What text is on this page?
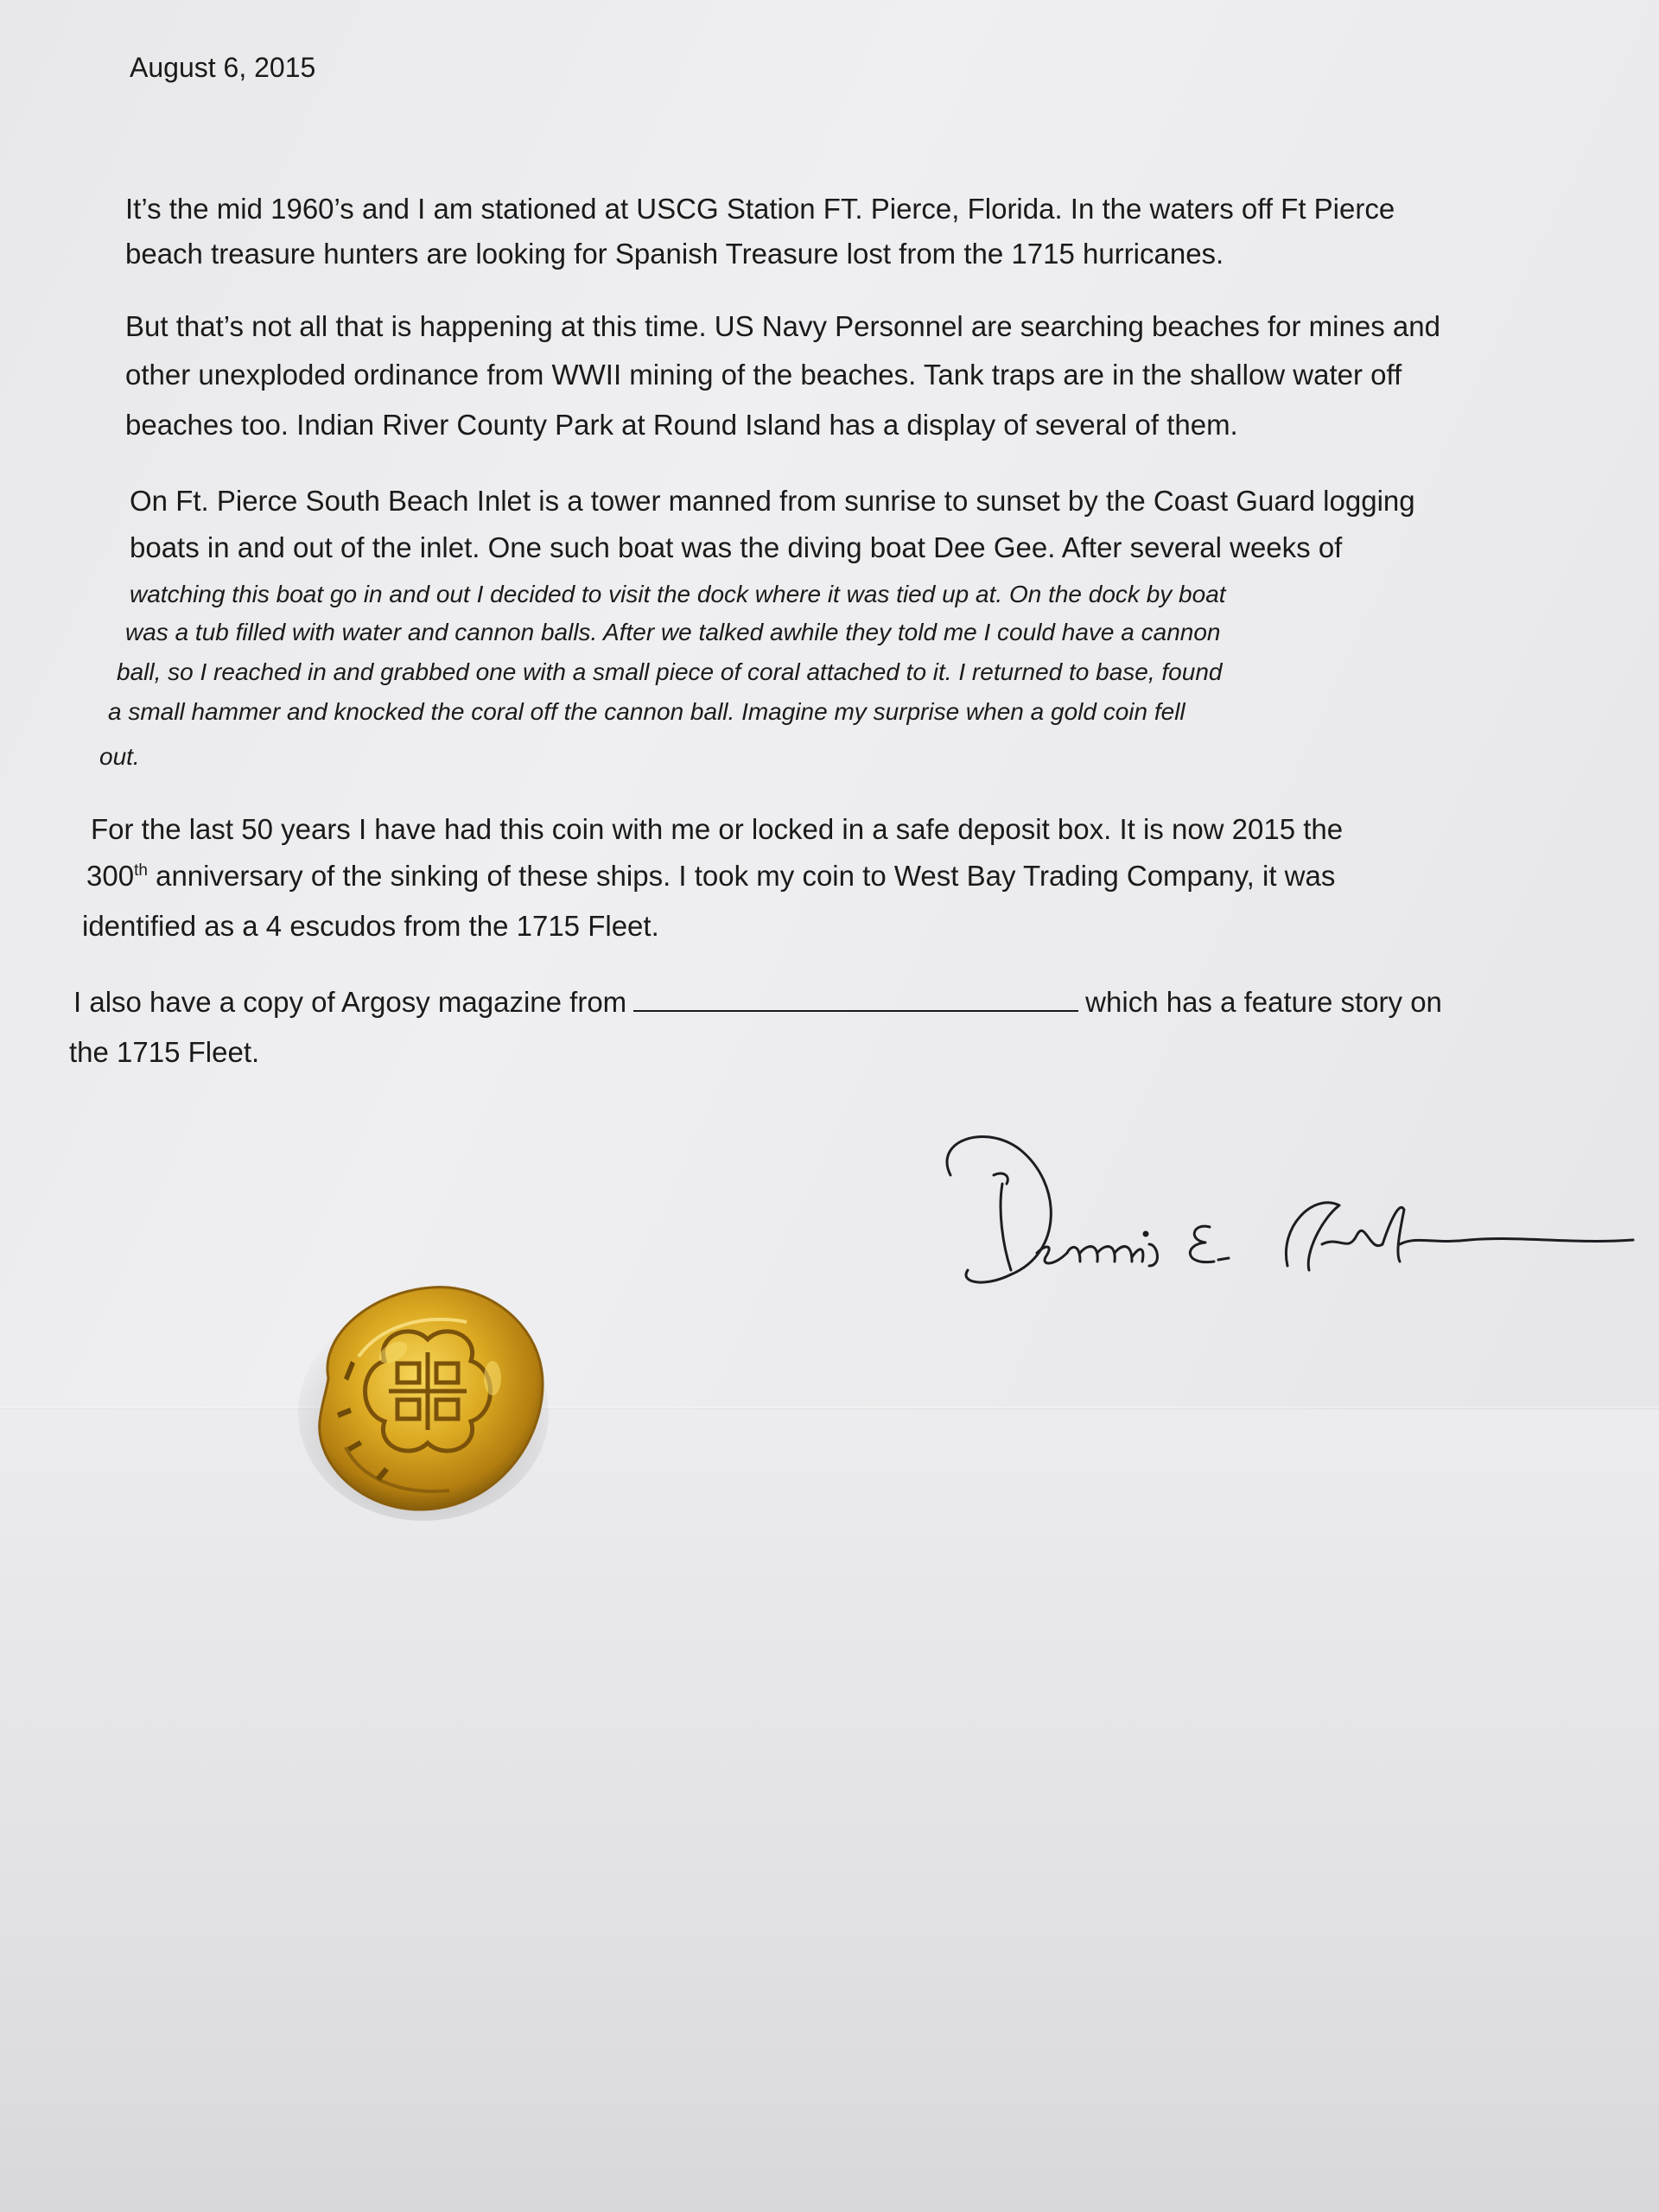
August 6, 2015
It’s the mid 1960’s and I am stationed at USCG Station FT. Pierce, Florida. In the waters off Ft Pierce
beach treasure hunters are looking for Spanish Treasure lost from the 1715 hurricanes.
But that’s not all that is happening at this time. US Navy Personnel are searching beaches for mines and
other unexploded ordinance from WWII mining of the beaches. Tank traps are in the shallow water off
beaches too. Indian River County Park at Round Island has a display of several of them.
On Ft. Pierce South Beach Inlet is a tower manned from sunrise to sunset by the Coast Guard logging
boats in and out of the inlet. One such boat was the diving boat Dee Gee. After several weeks of
watching this boat go in and out I decided to visit the dock where it was tied up at. On the dock by boat
was a tub filled with water and cannon balls. After we talked awhile they told me I could have a cannon
ball, so I reached in and grabbed one with a small piece of coral attached to it. I returned to base, found
a small hammer and knocked the coral off the cannon ball. Imagine my surprise when a gold coin fell
out.
For the last 50 years I have had this coin with me or locked in a safe deposit box. It is now 2015 the
300th anniversary of the sinking of these ships. I took my coin to West Bay Trading Company, it was
identified as a 4 escudos from the 1715 Fleet.
I also have a copy of Argosy magazine from	which has a feature story on
the 1715 Fleet.
